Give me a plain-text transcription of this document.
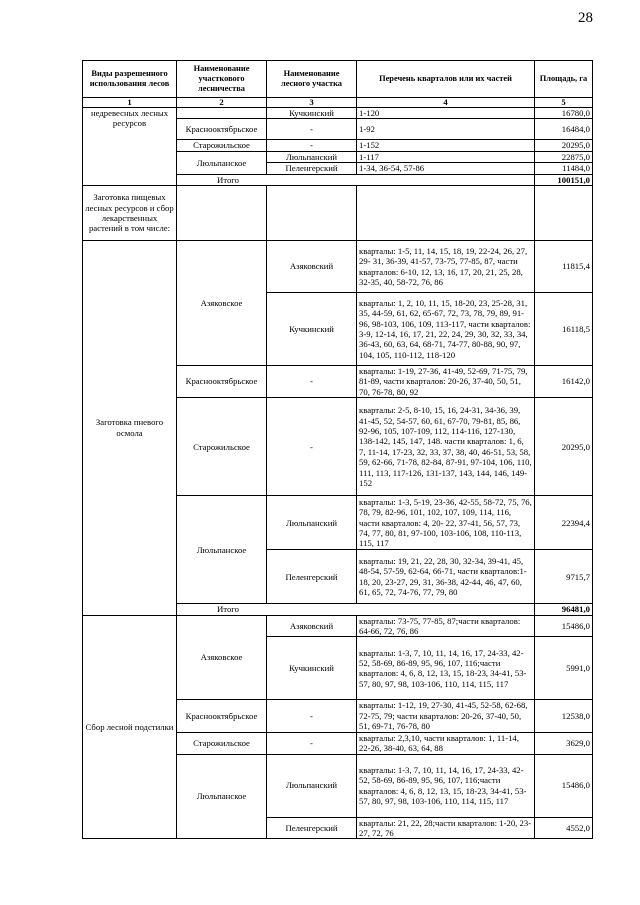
28
Виды разрешенного использования лесов	Наименование участкового лесничества	Наименование лесного участка	Перечень кварталов или их частей	Площадь, га
1	2	3	4	5
недревесных лесных ресурсов		Кучкинский	1-120	16780,0
	Краснооктябрьское	-	1-92	16484,0
	Старожильское	-	1-152	20295,0
	Люльпанское	Люльпанский	1-117	22875,0
		Пеленгерский	1-34, 36-54, 57-86	11484,0
	Итого			100151,0
Заготовка пищевых лесных ресурсов и сбор лекарственных растений в том числе:				
Заготовка пневого осмола	Азяковское	Азяковский	кварталы: 1-5, 11, 14, 15, 18, 19, 22-24, 26, 27, 29- 31, 36-39, 41-57, 73-75, 77-85, 87, части кварталов: 6-10, 12, 13, 16, 17, 20, 21, 25, 28, 32-35, 40, 58-72, 76, 86	11815,4
		Кучкинский	кварталы: 1, 2, 10, 11, 15, 18-20, 23, 25-28, 31, 35, 44-59, 61, 62, 65-67, 72, 73, 78, 79, 89, 91-96, 98-103, 106, 109, 113-117, части кварталов: 3-9, 12-14, 16, 17, 21, 22, 24, 29, 30, 32, 33, 34, 36-43, 60, 63, 64, 68-71, 74-77, 80-88, 90, 97, 104, 105, 110-112, 118-120	16118,5
	Краснооктябрьское	-	кварталы: 1-19, 27-36, 41-49, 52-69, 71-75, 79, 81-89, части кварталов: 20-26, 37-40, 50, 51, 70, 76-78, 80, 92	16142,0
	Старожильское	-	кварталы: 2-5, 8-10, 15, 16, 24-31, 34-36, 39, 41-45, 52, 54-57, 60, 61, 67-70, 79-81, 85, 86, 92-96, 105, 107-109, 112, 114-116, 127-130, 138-142, 145, 147, 148. части кварталов: 1, 6, 7, 11-14, 17-23, 32, 33, 37, 38, 40, 46-51, 53, 58, 59, 62-66, 71-78, 82-84, 87-91, 97-104, 106, 110, 111, 113, 117-126, 131-137, 143, 144, 146, 149-152	20295,0
	Люльпанское	Люльпанский	кварталы: 1-3, 5-19, 23-36, 42-55, 58-72, 75, 76, 78, 79, 82-96, 101, 102, 107, 109, 114, 116, части кварталов: 4, 20- 22, 37-41, 56, 57, 73, 74, 77, 80, 81, 97-100, 103-106, 108, 110-113, 115, 117	22394,4
		Пеленгерский	кварталы: 19, 21, 22, 28, 30, 32-34, 39-41, 45, 48-54, 57-59, 62-64, 66-71, части кварталов:1-18, 20, 23-27, 29, 31, 36-38, 42-44, 46, 47, 60, 61, 65, 72, 74-76, 77, 79, 80	9715,7
	Итого			96481,0
Сбор лесной подстилки	Азяковское	Азяковский	кварталы: 73-75, 77-85, 87;части кварталов: 64-66, 72, 76, 86	15486,0
		Кучкинский	кварталы: 1-3, 7, 10, 11, 14, 16, 17, 24-33, 42-52, 58-69, 86-89, 95, 96, 107, 116;части кварталов: 4, 6, 8, 12, 13, 15, 18-23, 34-41, 53-57, 80, 97, 98, 103-106, 110, 114, 115, 117	5991,0
	Краснооктябрьское	-	кварталы: 1-12, 19, 27-30, 41-45, 52-58, 62-68, 72-75, 79; части кварталов: 20-26, 37-40, 50, 51, 69-71, 76-78, 80	12538,0
	Старожильское	-	кварталы: 2,3,10, части кварталов: 1, 11-14, 22-26, 38-40, 63, 64, 88	3629,0
	Люльпанское	Люльпанский	кварталы: 1-3, 7, 10, 11, 14, 16, 17, 24-33, 42-52, 58-69, 86-89, 95, 96, 107, 116;части кварталов: 4, 6, 8, 12, 13, 15, 18-23, 34-41, 53-57, 80, 97, 98, 103-106, 110, 114, 115, 117	15486,0
		Пеленгерский	кварталы: 21, 22, 28;части кварталов: 1-20, 23-27, 72, 76	4552,0
